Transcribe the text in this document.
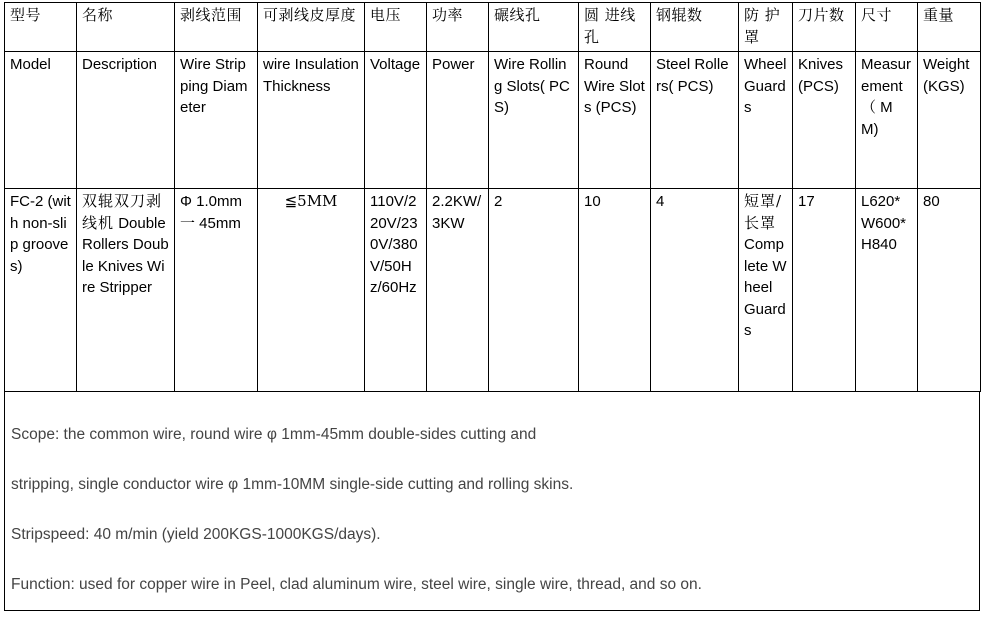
型号	名称	剥线范围	可剥线皮厚度	电压	功率	碾线孔	圆 进线孔	钢辊数	防 护罩	刀片数	尺寸	重量
Model	Description	Wire Stripping Diameter	wire Insulation Thickness	Voltage	Power	Wire Rolling Slots( PCS)	Round Wire Slots (PCS)	Steel Rollers( PCS)	Wheel Guards	Knives (PCS)	Measurement （ M M)	Weight (KGS)
FC-2 (with non-slip grooves)	双辊双刀剥线机 Double Rollers Double Knives Wire Stripper	Φ 1.0mm 一 45mm	≦5MM	110V/220V/230V/380V/50Hz/60Hz	2.2KW/3KW	2	10	4	短罩/长罩 Complete Wheel Guards	17	L620*W600*H840	80

Scope: the common wire, round wire φ 1mm-45mm double-sides cutting and

stripping, single conductor wire φ 1mm-10MM single-side cutting and rolling skins.

Stripspeed: 40 m/min (yield 200KGS-1000KGS/days).

Function: used for copper wire in Peel, clad aluminum wire, steel wire, single wire, thread, and so on.
